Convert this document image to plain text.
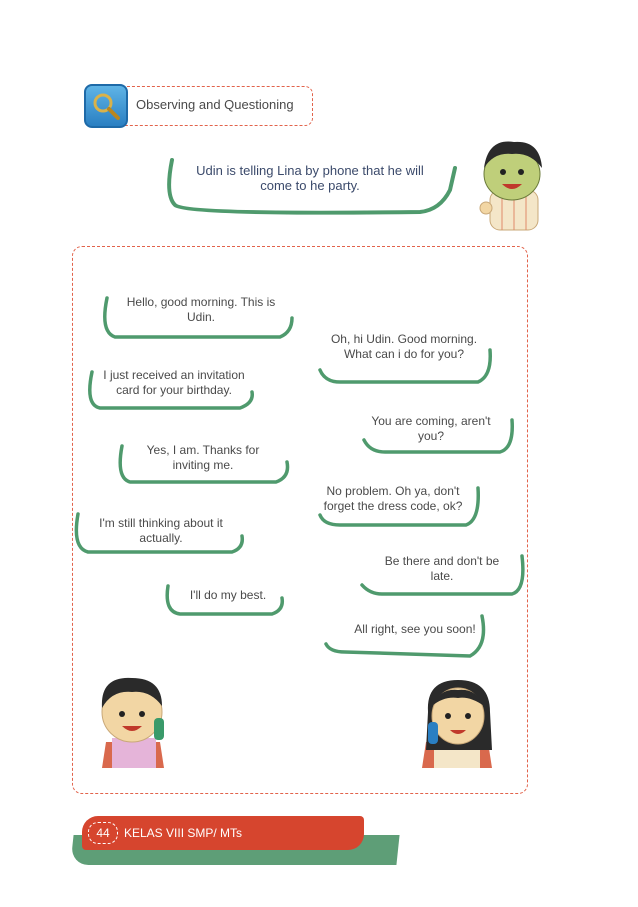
Observing and Questioning
Udin is telling Lina by phone that he will come to he party.
Hello, good morning. This is Udin.
Oh, hi Udin. Good morning. What can i do for you?
I just received an invitation card for your birthday.
You are coming, aren't you?
Yes, I am. Thanks for inviting me.
No problem. Oh ya, don't forget the dress code, ok?
I'm still thinking about it actually.
Be there and don't be late.
I'll do my best.
All right, see you soon!
44	KELAS VIII SMP/ MTs
